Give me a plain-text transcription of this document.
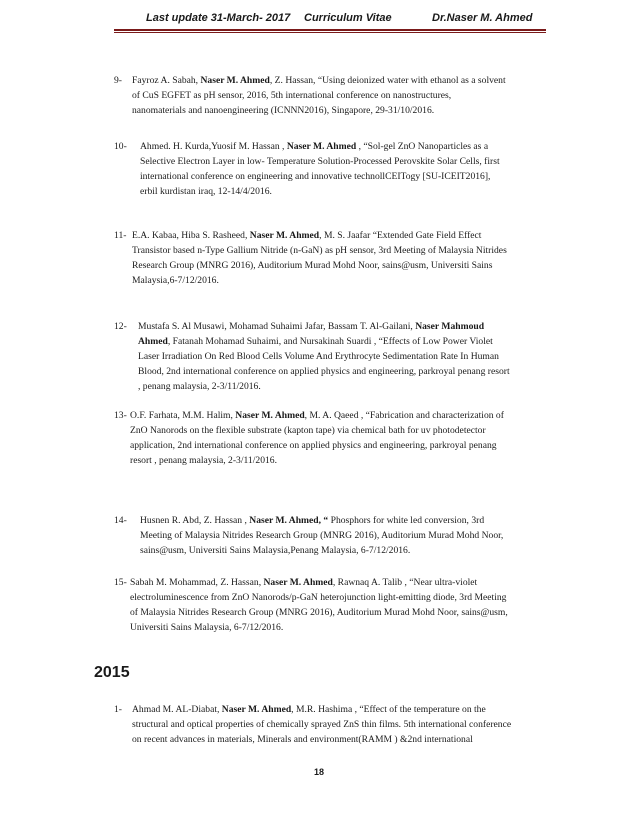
Last update 31-March- 2017 Curriculum Vitae	Dr.Naser M. Ahmed
9- Fayroz A. Sabah, Naser M. Ahmed, Z. Hassan, “Using deionized water with ethanol as a solvent
of CuS EGFET as pH sensor, 2016, 5th international conference on nanostructures,
nanomaterials and nanoengineering (ICNNN2016), Singapore, 29-31/10/2016.
10- Ahmed. H. Kurda,Yuosif M. Hassan , Naser M. Ahmed , “Sol-gel ZnO Nanoparticles as a
Selective Electron Layer in low- Temperature Solution-Processed Perovskite Solar Cells, first
international conference on engineering and innovative technollCEITogy [SU-ICEIT2016],
erbil kurdistan iraq, 12-14/4/2016.
11- E.A. Kabaa, Hiba S. Rasheed, Naser M. Ahmed, M. S. Jaafar “Extended Gate Field Effect
Transistor based n-Type Gallium Nitride (n-GaN) as pH sensor, 3rd Meeting of Malaysia Nitrides
Research Group (MNRG 2016), Auditorium Murad Mohd Noor, sains@usm, Universiti Sains
Malaysia,6-7/12/2016.
12- Mustafa S. Al Musawi, Mohamad Suhaimi Jafar, Bassam T. Al-Gailani, Naser Mahmoud
Ahmed, Fatanah Mohamad Suhaimi, and Nursakinah Suardi , “Effects of Low Power Violet
Laser Irradiation On Red Blood Cells Volume And Erythrocyte Sedimentation Rate In Human
Blood, 2nd international conference on applied physics and engineering, parkroyal penang resort
, penang malaysia, 2-3/11/2016.
13- O.F. Farhata, M.M. Halim, Naser M. Ahmed, M. A. Qaeed , “Fabrication and characterization of
ZnO Nanorods on the flexible substrate (kapton tape) via chemical bath for uv photodetector
application, 2nd international conference on applied physics and engineering, parkroyal penang
resort , penang malaysia, 2-3/11/2016.
14- Husnen R. Abd, Z. Hassan , Naser M. Ahmed, “ Phosphors for white led conversion, 3rd
Meeting of Malaysia Nitrides Research Group (MNRG 2016), Auditorium Murad Mohd Noor,
sains@usm, Universiti Sains Malaysia,Penang Malaysia, 6-7/12/2016.
15- Sabah M. Mohammad, Z. Hassan, Naser M. Ahmed, Rawnaq A. Talib , “Near ultra-violet
electroluminescence from ZnO Nanorods/p-GaN heterojunction light-emitting diode, 3rd Meeting
of Malaysia Nitrides Research Group (MNRG 2016), Auditorium Murad Mohd Noor, sains@usm,
Universiti Sains Malaysia, 6-7/12/2016.
2015
1- Ahmad M. AL-Diabat, Naser M. Ahmed, M.R. Hashima , “Effect of the temperature on the
structural and optical properties of chemically sprayed ZnS thin films. 5th international conference
on recent advances in materials, Minerals and environment(RAMM ) &2nd international
18
